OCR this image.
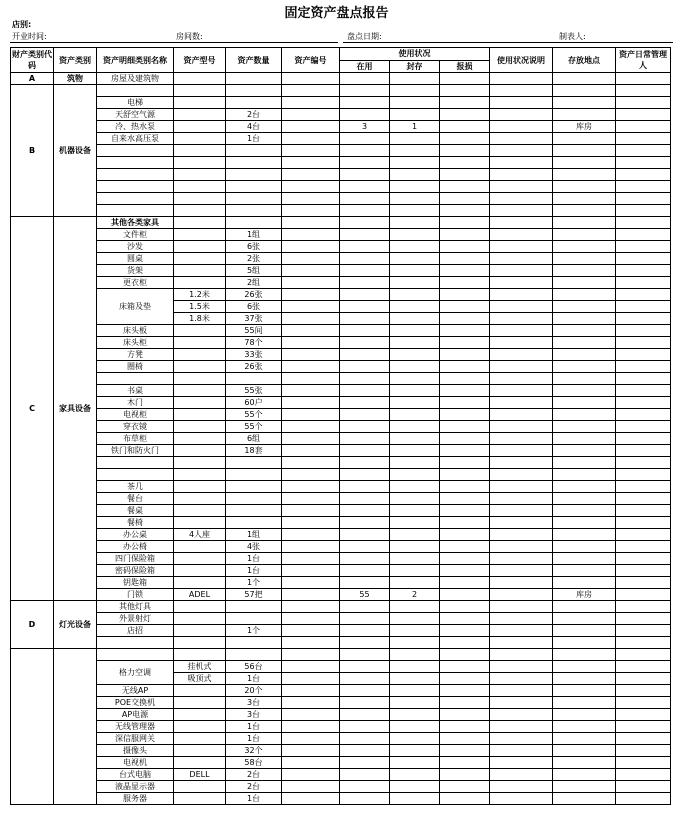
固定资产盘点报告
店别:
开业时间:	房间数:	盘点日期:	制表人:
财产类别代码	资产类别	资产明细类别名称	资产型号	资产数量	资产编号	使用状况			使用状况说明	存放地点	资产日常管理人
						在用	封存	报损			
A	筑物	房屋及建筑物									
B	机器设备										
		电梯									
		天舒空气源		2台							
		冷、热水泵		4台		3	1			库房	
		自来水高压泵		1台							

C	家具设备	其他各类家具									
		文件柜		1组							
		沙发		6张							
		圆桌		2张							
		货架		5组							
		更衣柜		2组							
		床箱及垫	1.2米	26张							
			1.5米	6张							
			1.8米	37张							
		床头板		55间							
		床头柜		78个							
		方凳		33张							
		圈椅		26张							

		书桌		55张							
		木门		60户							
		电视柜		55个							
		穿衣镜		55个							
		布草柜		6组							
		铁门和防火门		18套							

		茶几									
		餐台									
		餐桌									
		餐椅									
		办公桌	4人座	1组							
		办公椅		4张							
		四门保险箱		1台							
		密码保险箱		1台							
		钥匙箱		1个							
		门锁	ADEL	57把		55	2			库房	
D	灯光设备	其他灯具									
		外景射灯									
		店招		1个							

		格力空调	挂机式	56台							
			吸顶式	1台							
		无线AP		20个							
		POE交换机		3台							
		AP电源		3台							
		无线管理器		1台							
		深信服网关		1台							
		摄像头		32个							
		电视机		58台							
		台式电脑	DELL	2台							
		液晶显示器		2台							
		服务器		1台							
